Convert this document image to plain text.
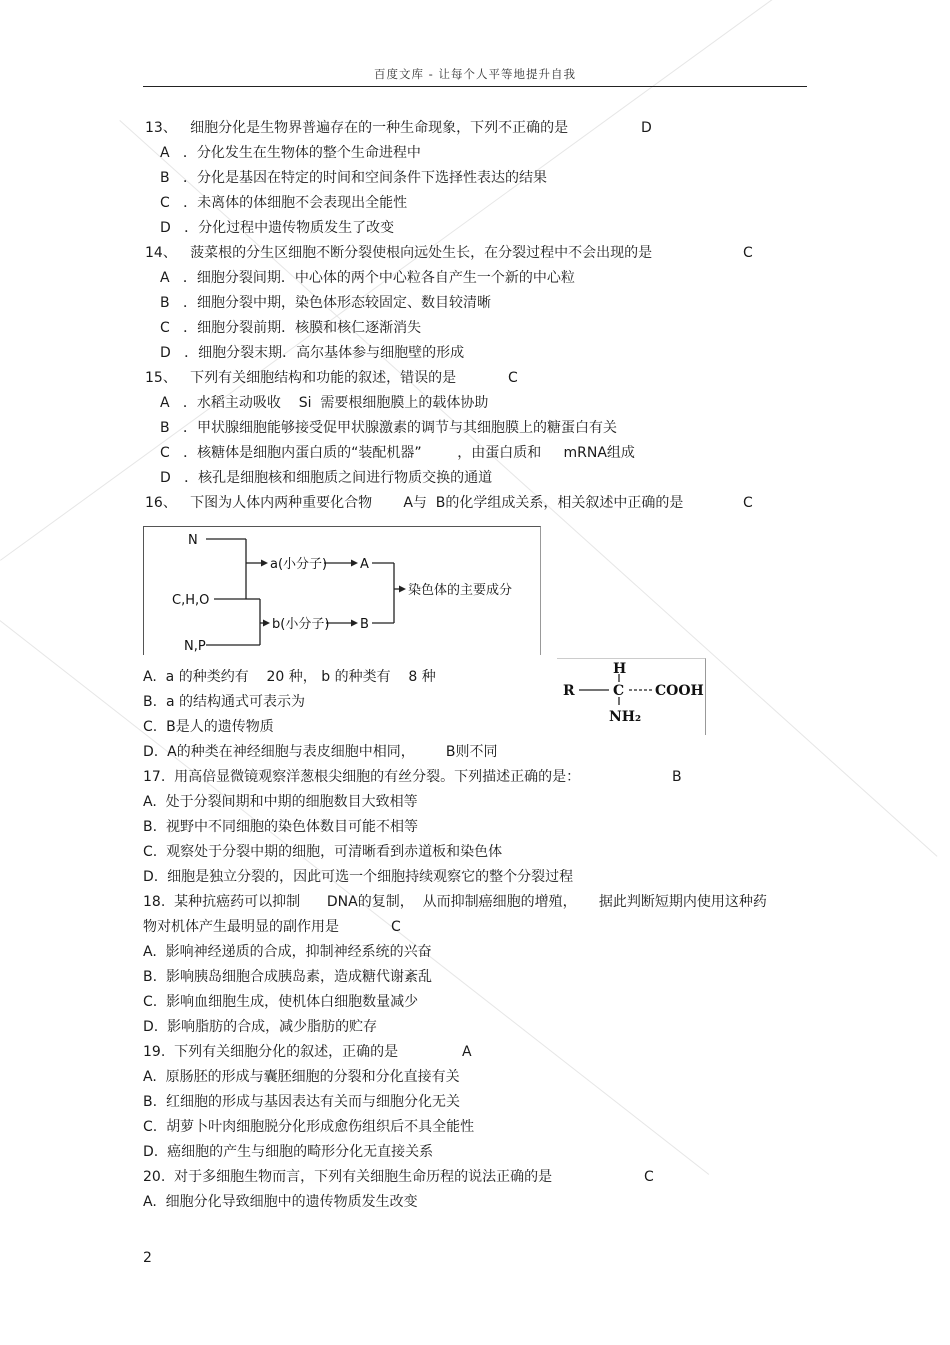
百度文库 - 让每个人平等地提升自我
13、   细胞分化是生物界普遍存在的一种生命现象，下列不正确的是
A   ．分化发生在生物体的整个生命进程中
B   ．分化是基因在特定的时间和空间条件下选择性表达的结果
C   ．未离体的体细胞不会表现出全能性
D   ．分化过程中遗传物质发生了改变
14、   菠菜根的分生区细胞不断分裂使根向远处生长，在分裂过程中不会出现的是
A   ．细胞分裂间期．中心体的两个中心粒各自产生一个新的中心粒
B   ．细胞分裂中期，染色体形态较固定、数目较清晰
C   ．细胞分裂前期．核膜和核仁逐渐消失
D   ．细胞分裂末期．高尔基体参与细胞壁的形成
15、   下列有关细胞结构和功能的叙述，错误的是
A   ．水稻主动吸收    Si  需要根细胞膜上的载体协助
B   ．甲状腺细胞能够接受促甲状腺激素的调节与其细胞膜上的糖蛋白有关
C   ．核糖体是细胞内蛋白质的“装配机器”        ，由蛋白质和     mRNA组成
D   ．核孔是细胞核和细胞质之间进行物质交换的通道
16、   下图为人体内两种重要化合物       A与  B的化学组成关系，相关叙述中正确的是
N
C,H,O
N,P
a(小分子)
b(小分子)
A
B
染色体的主要成分
A.  a 的种类约有    20 种， b 的种类有    8 种
B.  a 的结构通式可表示为
C.  B是人的遗传物质
D.  A的种类在神经细胞与表皮细胞中相同，       B则不同
H
R	C COOH
NH₂
17.  用高倍显微镜观察洋葱根尖细胞的有丝分裂。下列描述正确的是：
A.  处于分裂间期和中期的细胞数目大致相等
B.  视野中不同细胞的染色体数目可能不相等
C.  观察处于分裂中期的细胞，可清晰看到赤道板和染色体
D.  细胞是独立分裂的，因此可选一个细胞持续观察它的整个分裂过程
18.  某种抗癌药可以抑制      DNA的复制，  从而抑制癌细胞的增殖，     据此判断短期内使用这种药
物对机体产生最明显的副作用是
A.  影响神经递质的合成，抑制神经系统的兴奋
B.  影响胰岛细胞合成胰岛素，造成糖代谢紊乱
C.  影响血细胞生成，使机体白细胞数量减少
D.  影响脂肪的合成，减少脂肪的贮存
19.  下列有关细胞分化的叙述，正确的是
A.  原肠胚的形成与囊胚细胞的分裂和分化直接有关
B.  红细胞的形成与基因表达有关而与细胞分化无关
C.  胡萝卜叶肉细胞脱分化形成愈伤组织后不具全能性
D.  癌细胞的产生与细胞的畸形分化无直接关系
20.  对于多细胞生物而言，下列有关细胞生命历程的说法正确的是
A.  细胞分化导致细胞中的遗传物质发生改变
D
C
C
C
B
C
A
C
2
